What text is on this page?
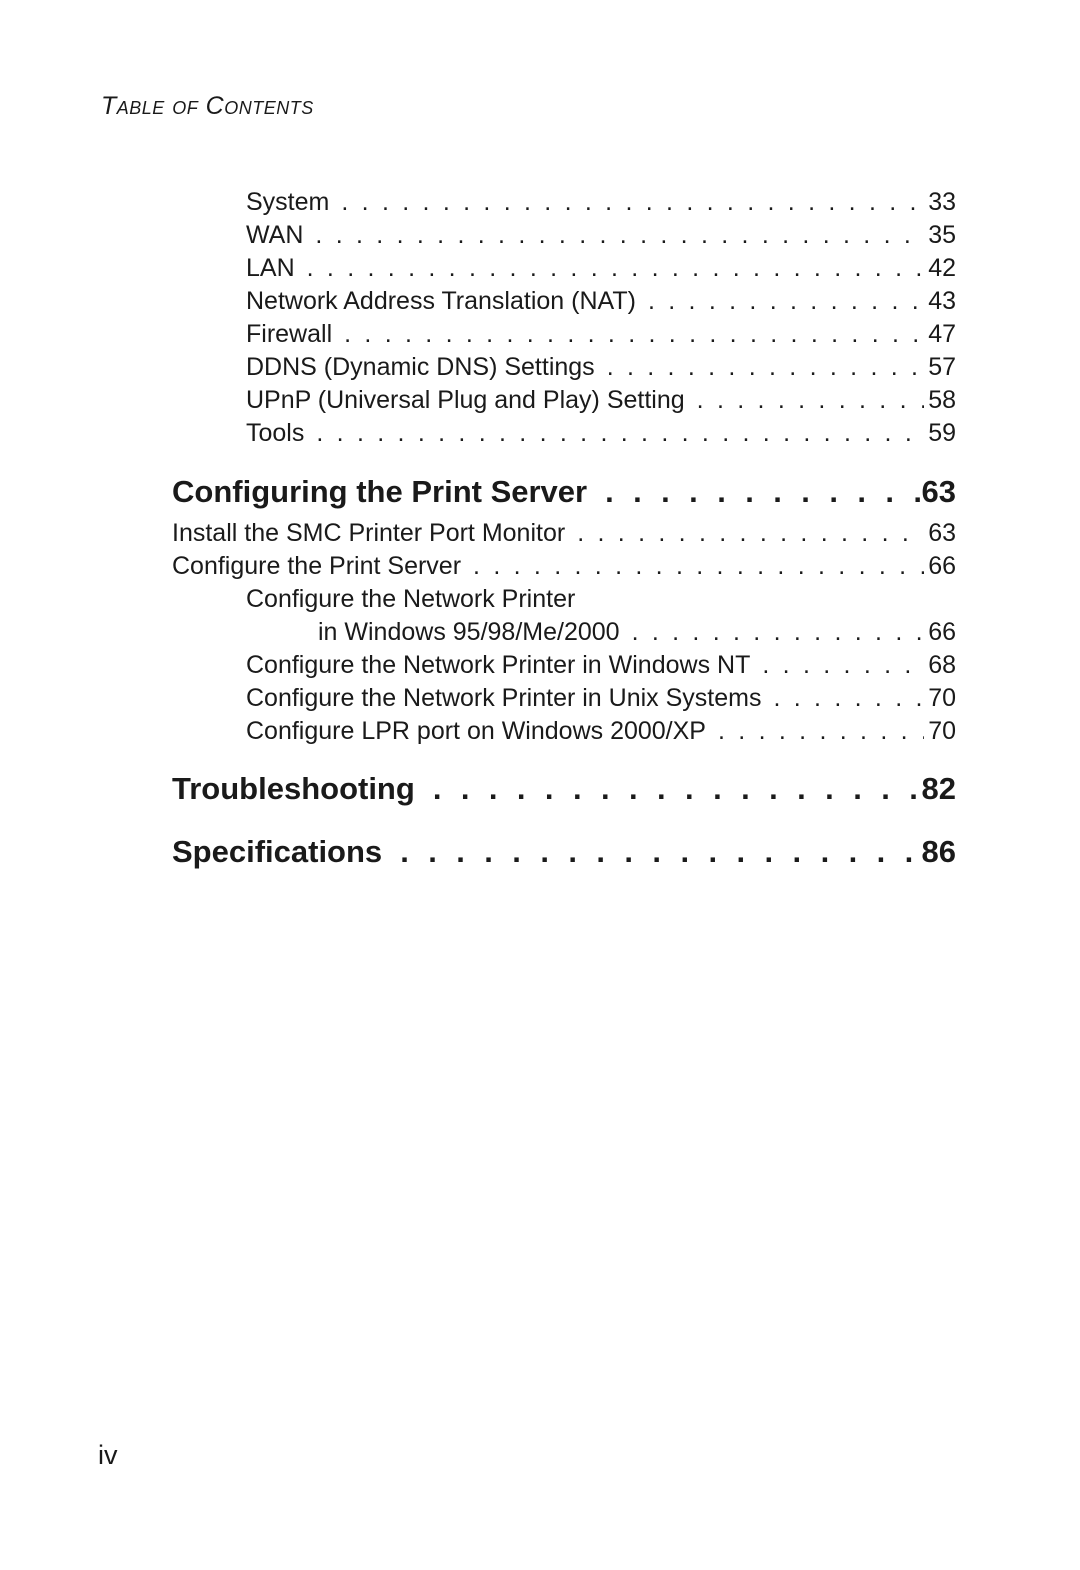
Table of Contents
System . . .	33
WAN . . .	35
LAN . . .	42
Network Address Translation (NAT) . . .	43
Firewall . . .	47
DDNS (Dynamic DNS) Settings . . .	57
UPnP (Universal Plug and Play) Setting . . .	58
Tools . . .	59
Configuring the Print Server . . .	63
Install the SMC Printer Port Monitor . . .	63
Configure the Print Server . . .	66
Configure the Network Printer
in Windows 95/98/Me/2000 . . .	66
Configure the Network Printer in Windows NT . . .	68
Configure the Network Printer in Unix Systems . . .	70
Configure LPR port on Windows 2000/XP . . .	70
Troubleshooting . . .	82
Specifications . . .	86
iv
